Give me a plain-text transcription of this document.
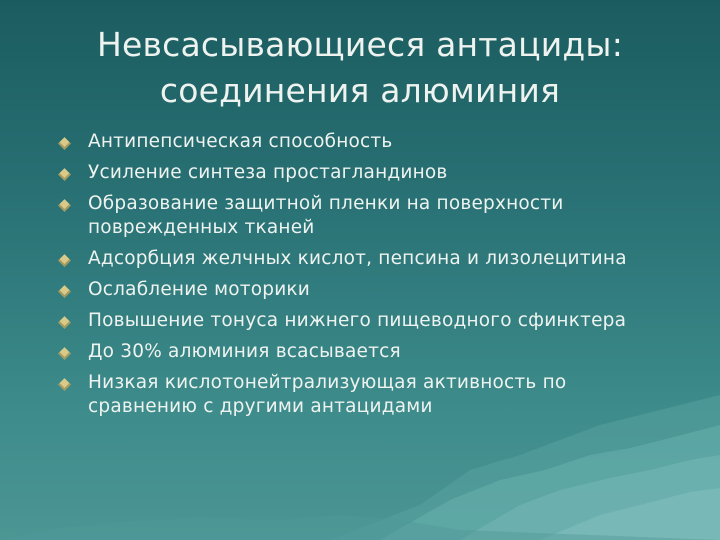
Невсасывающиеся антациды:
соединения алюминия
Антипепсическая способность
Усиление синтеза простагландинов
Образование защитной пленки на поверхности поврежденных тканей
Адсорбция желчных кислот, пепсина и лизолецитина
Ослабление моторики
Повышение тонуса нижнего пищеводного сфинктера
До 30% алюминия всасывается
Низкая кислотонейтрализующая активность по сравнению с другими антацидами
